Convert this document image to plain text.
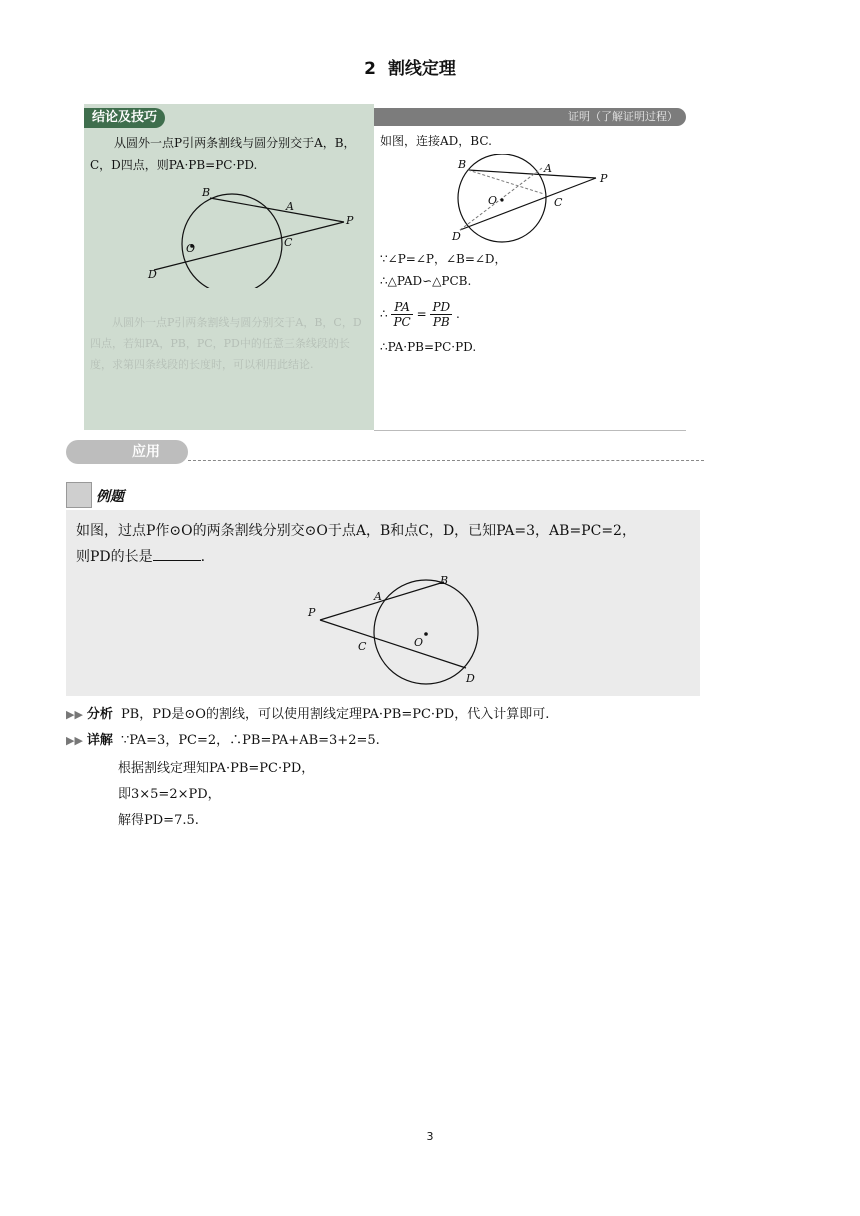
2 割线定理
结论及技巧
从圆外一点P引两条割线与圆分别交于A，B，C，D四点，则PA·PB=PC·PD.
B
A
P
O	C
D
从圆外一点P引两条割线与圆分别交于A，B，C，D四点，若知PA，PB，PC，PD中的任意三条线段的长度，求第四条线段的长度时，可以利用此结论.
证明（了解证明过程）
如图，连接AD，BC.
B	A
P
O	C
D
∵∠P=∠P，∠B=∠D，
∴△PAD∽△PCB.
∴ $\frac{PA}{PC} = \frac{PD}{PB}$ .
∴PA·PB=PC·PD.
应用
例题
如图，过点P作⊙O的两条割线分别交⊙O于点A，B和点C，D，已知PA=3，AB=PC=2，
则PD的长是	.
P
A
B
C	O
D
▶▶ 分析 PB，PD是⊙O的割线，可以使用割线定理PA·PB=PC·PD，代入计算即可.
▶▶ 详解 ∵PA=3，PC=2，∴PB=PA+AB=3+2=5.
根据割线定理知PA·PB=PC·PD，
即3×5=2×PD，
解得PD=7.5.
3
